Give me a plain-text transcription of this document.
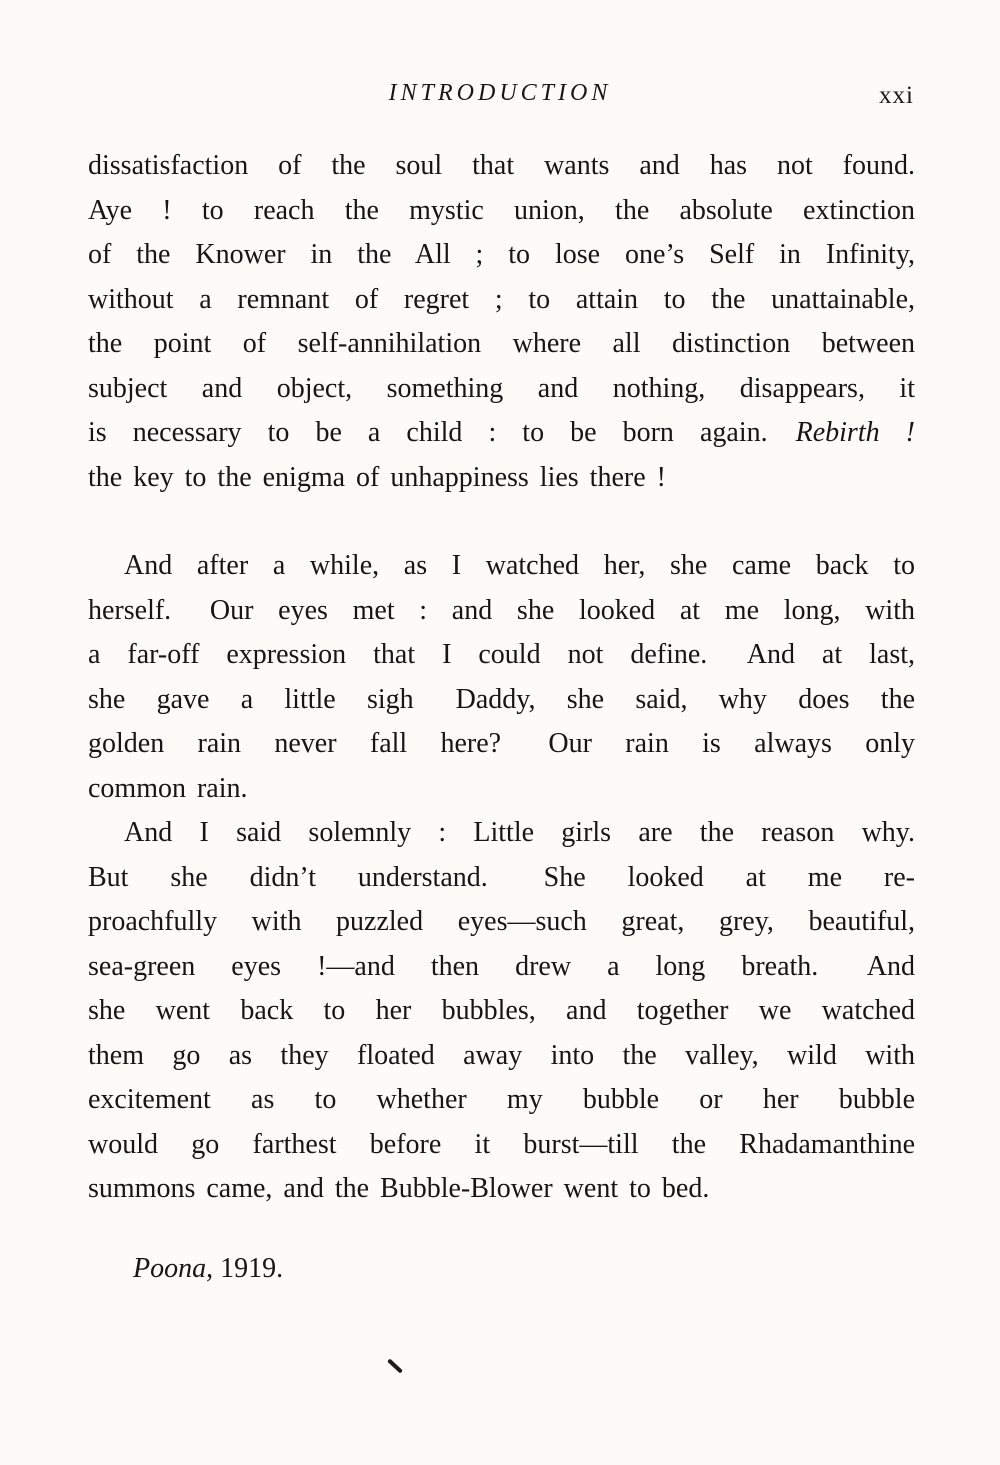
INTRODUCTION	xxi
dissatisfaction of the soul that wants and has not found.
Aye ! to reach the mystic union, the absolute extinction
of the Knower in the All ; to lose one’s Self in Infinity,
without a remnant of regret ; to attain to the unattainable,
the point of self-annihilation where all distinction between
subject and object, something and nothing, disappears, it
is necessary to be a child : to be born again. Rebirth !
the key to the enigma of unhappiness lies there !
And after a while, as I watched her, she came back to
herself.  Our eyes met : and she looked at me long, with
a far-off expression that I could not define.  And at last,
she gave a little sigh  Daddy, she said, why does the
golden rain never fall here?  Our rain is always only
common rain.
And I said solemnly : Little girls are the reason why.
But she didn’t understand.  She looked at me re-
proachfully with puzzled eyes—such great, grey, beautiful,
sea-green eyes !—and then drew a long breath.  And
she went back to her bubbles, and together we watched
them go as they floated away into the valley, wild with
excitement as to whether my bubble or her bubble
would go farthest before it burst—till the Rhadamanthine
summons came, and the Bubble-Blower went to bed.
Poona, 1919.
